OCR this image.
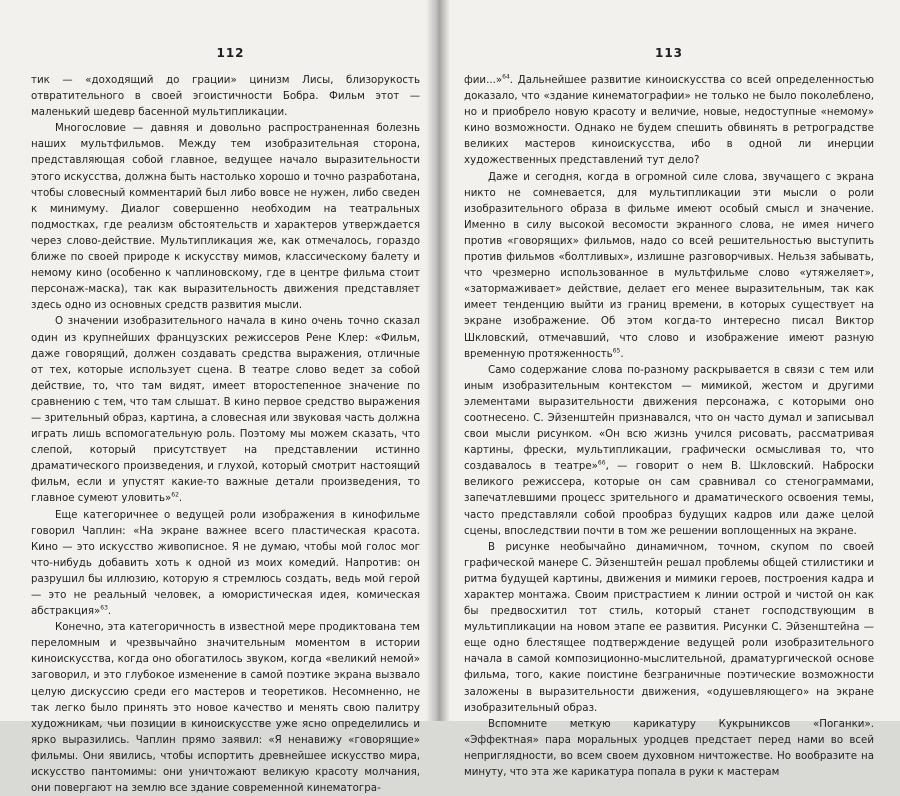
112

тик — «доходящий до грации» цинизм Лисы, близорукость отвратительного в своей эгоистичности Бобра. Фильм этот — маленький шедевр басенной мультипликации.

Многословие — давняя и довольно распространенная болезнь наших мультфильмов. Между тем изобразительная сторона, представляющая собой главное, ведущее начало выразительности этого искусства, должна быть настолько хорошо и точно разработана, чтобы словесный комментарий был либо вовсе не нужен, либо сведен к минимуму. Диалог совершенно необходим на театральных подмостках, где реализм обстоятельств и характеров утверждается через слово-действие. Мультипликация же, как отмечалось, гораздо ближе по своей природе к искусству мимов, классическому балету и немому кино (особенно к чаплиновскому, где в центре фильма стоит персонаж-маска), так как выразительность движения представляет здесь одно из основных средств развития мысли.

О значении изобразительного начала в кино очень точно сказал один из крупнейших французских режиссеров Рене Клер: «Фильм, даже говорящий, должен создавать средства выражения, отличные от тех, которые использует сцена. В театре слово ведет за собой действие, то, что там видят, имеет второстепенное значение по сравнению с тем, что там слышат. В кино первое средство выражения — зрительный образ, картина, а словесная или звуковая часть должна играть лишь вспомогательную роль. Поэтому мы можем сказать, что слепой, который присутствует на представлении истинно драматического произведения, и глухой, который смотрит настоящий фильм, если и упустят какие-то важные детали произведения, то главное сумеют уловить»$^{62}$.

Еще категоричнее о ведущей роли изображения в кинофильме говорил Чаплин: «На экране важнее всего пластическая красота. Кино — это искусство живописное. Я не думаю, чтобы мой голос мог что-нибудь добавить хоть к одной из моих комедий. Напротив: он разрушил бы иллюзию, которую я стремлюсь создать, ведь мой герой — это не реальный человек, а юмористическая идея, комическая абстракция»$^{63}$.

Конечно, эта категоричность в известной мере продиктована тем переломным и чрезвычайно значительным моментом в истории киноискусства, когда оно обогатилось звуком, когда «великий немой» заговорил, и это глубокое изменение в самой поэтике экрана вызвало целую дискуссию среди его мастеров и теоретиков. Несомненно, не так легко было принять это новое качество и менять свою палитру художникам, чьи позиции в киноискусстве уже ясно определились и ярко выразились. Чаплин прямо заявил: «Я ненавижу «говорящие» фильмы. Они явились, чтобы испортить древнейшее искусство мира, искусство пантомимы: они уничтожают великую красоту молчания, они повергают на землю все здание современной кинематогра-

113

фии...»$^{64}$. Дальнейшее развитие киноискусства со всей определенностью доказало, что «здание кинематографии» не только не было поколеблено, но и приобрело новую красоту и величие, новые, недоступные «немому» кино возможности. Однако не будем спешить обвинять в ретроградстве великих мастеров киноискусства, ибо в одной ли инерции художественных представлений тут дело?

Даже и сегодня, когда в огромной силе слова, звучащего с экрана никто не сомневается, для мультипликации эти мысли о роли изобразительного образа в фильме имеют особый смысл и значение. Именно в силу высокой весомости экранного слова, не имея ничего против «говорящих» фильмов, надо со всей решительностью выступить против фильмов «болтливых», излишне разговорчивых. Нельзя забывать, что чрезмерно использованное в мультфильме слово «утяжеляет», «затормаживает» действие, делает его менее выразительным, так как имеет тенденцию выйти из границ времени, в которых существует на экране изображение. Об этом когда-то интересно писал Виктор Шкловский, отмечавший, что слово и изображение имеют разную временную протяженность$^{65}$.

Само содержание слова по-разному раскрывается в связи с тем или иным изобразительным контекстом — мимикой, жестом и другими элементами выразительности движения персонажа, с которыми оно соотнесено. С. Эйзенштейн признавался, что он часто думал и записывал свои мысли рисунком. «Он всю жизнь учился рисовать, рассматривая картины, фрески, мультипликации, графически осмысливая то, что создавалось в театре»$^{66}$, — говорит о нем В. Шкловский. Наброски великого режиссера, которые он сам сравнивал со стенограммами, запечатлевшими процесс зрительного и драматического освоения темы, часто представляли собой прообраз будущих кадров или даже целой сцены, впоследствии почти в том же решении воплощенных на экране.

В рисунке необычайно динамичном, точном, скупом по своей графической манере С. Эйзенштейн решал проблемы общей стилистики и ритма будущей картины, движения и мимики героев, построения кадра и характер монтажа. Своим пристрастием к линии острой и чистой он как бы предвосхитил тот стиль, который станет господствующим в мультипликации на новом этапе ее развития. Рисунки С. Эйзенштейна — еще одно блестящее подтверждение ведущей роли изобразительного начала в самой композиционно-мыслительной, драматургической основе фильма, того, какие поистине безграничные поэтические возможности заложены в выразительности движения, «одушевляющего» на экране изобразительный образ.

Вспомните меткую карикатуру Кукрыниксов «Поганки». «Эффектная» пара моральных уродцев предстает перед нами во всей неприглядности, во всем своем духовном ничтожестве. Но вообразите на минуту, что эта же карикатура попала в руки к мастерам
